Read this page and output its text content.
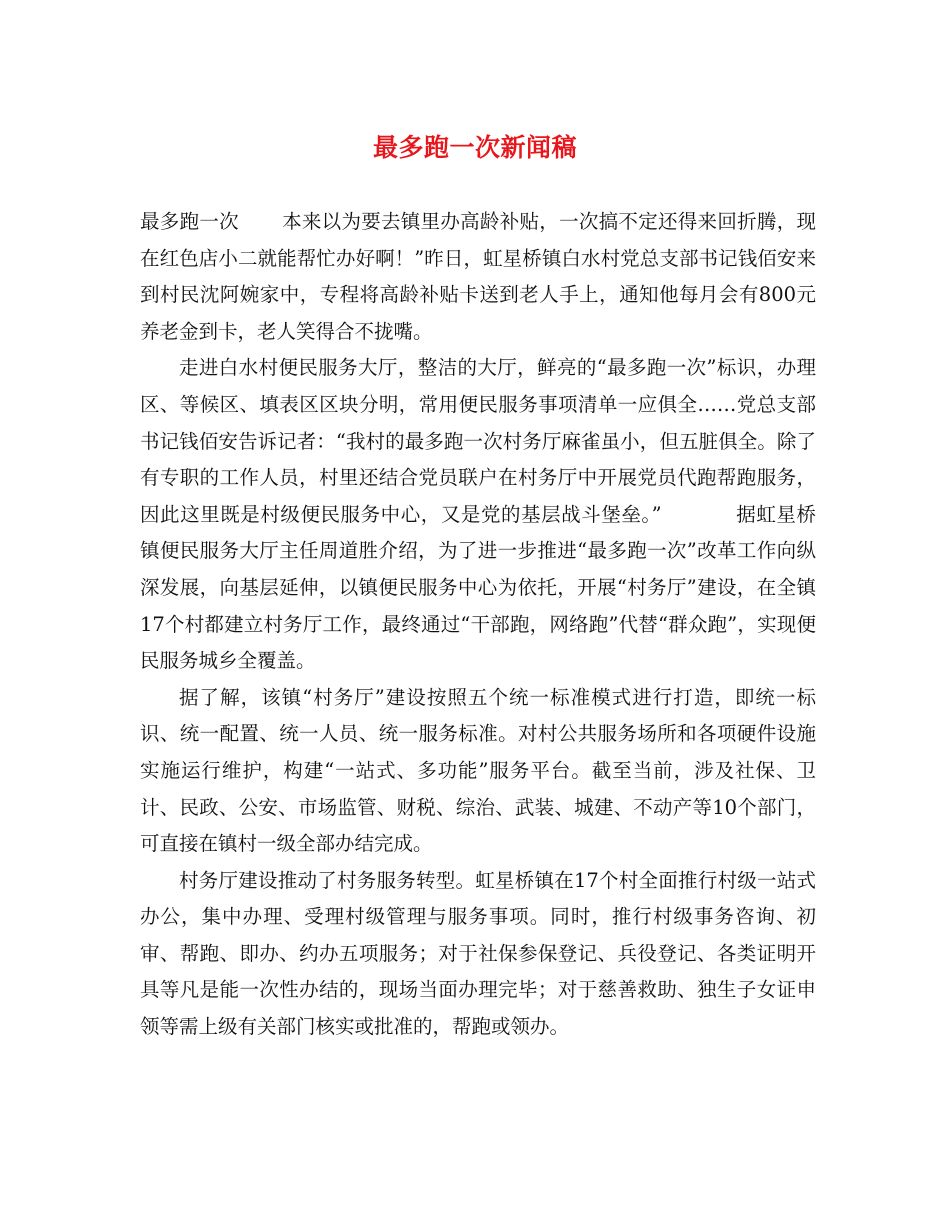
最多跑一次新闻稿

最多跑一次 本来以为要去镇里办高龄补贴，一次搞不定还得来回折腾，现在红色店小二就能帮忙办好啊！”昨日，虹星桥镇白水村党总支部书记钱佰安来到村民沈阿婉家中，专程将高龄补贴卡送到老人手上，通知他每月会有800元养老金到卡，老人笑得合不拢嘴。

走进白水村便民服务大厅，整洁的大厅，鲜亮的“最多跑一次”标识，办理区、等候区、填表区区块分明，常用便民服务事项清单一应俱全……党总支部书记钱佰安告诉记者：“我村的最多跑一次村务厅麻雀虽小，但五脏俱全。除了有专职的工作人员，村里还结合党员联户在村务厅中开展党员代跑帮跑服务，因此这里既是村级便民服务中心，又是党的基层战斗堡垒。”	据虹星桥镇便民服务大厅主任周道胜介绍，为了进一步推进“最多跑一次”改革工作向纵深发展，向基层延伸，以镇便民服务中心为依托，开展“村务厅”建设，在全镇17个村都建立村务厅工作，最终通过“干部跑，网络跑”代替“群众跑”，实现便民服务城乡全覆盖。

据了解，该镇“村务厅”建设按照五个统一标准模式进行打造，即统一标识、统一配置、统一人员、统一服务标准。对村公共服务场所和各项硬件设施实施运行维护，构建“一站式、多功能”服务平台。截至当前，涉及社保、卫计、民政、公安、市场监管、财税、综治、武装、城建、不动产等10个部门，可直接在镇村一级全部办结完成。

村务厅建设推动了村务服务转型。虹星桥镇在17个村全面推行村级一站式办公，集中办理、受理村级管理与服务事项。同时，推行村级事务咨询、初审、帮跑、即办、约办五项服务；对于社保参保登记、兵役登记、各类证明开具等凡是能一次性办结的，现场当面办理完毕；对于慈善救助、独生子女证申领等需上级有关部门核实或批准的，帮跑或领办。
